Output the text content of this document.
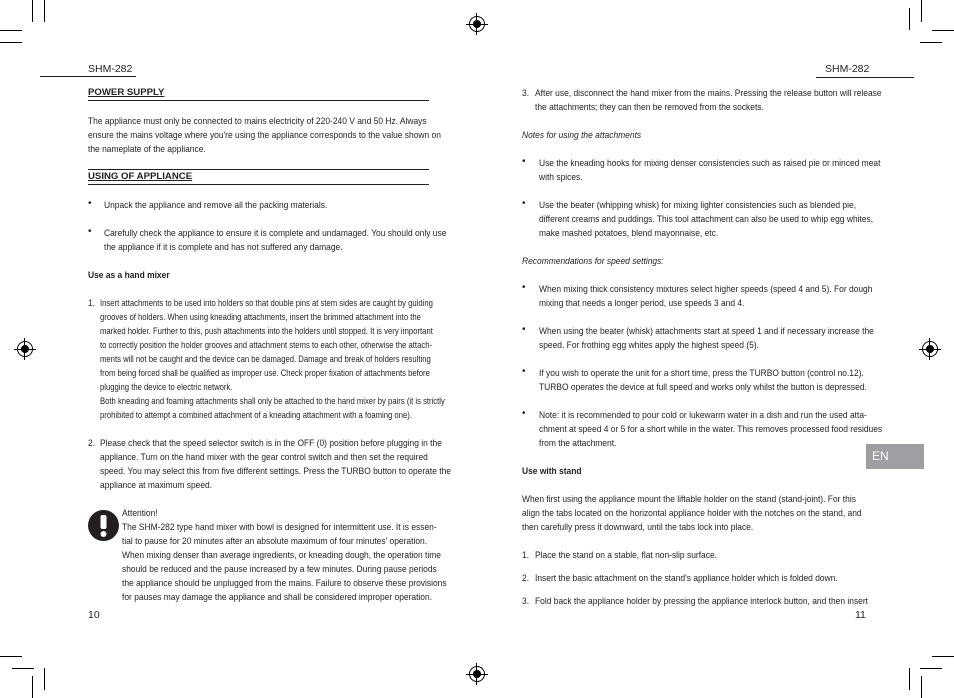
SHM-282	SHM-282
POWER SUPPLY
The appliance must only be connected to mains electricity of 220-240 V and 50 Hz. Always
ensure the mains voltage where you're using the appliance corresponds to the value shown on
the nameplate of the appliance.
USING OF APPLIANCE
• Unpack the appliance and remove all the packing materials.
• Carefully check the appliance to ensure it is complete and undamaged. You should only use
the appliance if it is complete and has not suffered any damage.
Use as a hand mixer
1. Insert attachments to be used into holders so that double pins at stem sides are caught by guiding
grooves of holders. When using kneading attachments, insert the brimmed attachment into the
marked holder. Further to this, push attachments into the holders until stopped. It is very important
to correctly position the holder grooves and attachment stems to each other, otherwise the attach-
ments will not be caught and the device can be damaged. Damage and break of holders resulting
from being forced shall be qualified as improper use. Check proper fixation of attachments before
plugging the device to electric network.
Both kneading and foaming attachments shall only be attached to the hand mixer by pairs (it is strictly
prohibited to attempt a combined attachment of a kneading attachment with a foaming one).
2. Please check that the speed selector switch is in the OFF (0) position before plugging in the
appliance. Turn on the hand mixer with the gear control switch and then set the required
speed. You may select this from five different settings. Press the TURBO button to operate the
appliance at maximum speed.
Attention!
The SHM-282 type hand mixer with bowl is designed for intermittent use. It is essen-
tial to pause for 20 minutes after an absolute maximum of four minutes' operation.
When mixing denser than average ingredients, or kneading dough, the operation time
should be reduced and the pause increased by a few minutes. During pause periods
the appliance should be unplugged from the mains. Failure to observe these provisions
for pauses may damage the appliance and shall be considered improper operation.
10
3. After use, disconnect the hand mixer from the mains. Pressing the release button will release
the attachments; they can then be removed from the sockets.
Notes for using the attachments
• Use the kneading hooks for mixing denser consistencies such as raised pie or minced meat
with spices.
• Use the beater (whipping whisk) for mixing lighter consistencies such as blended pie,
different creams and puddings. This tool attachment can also be used to whip egg whites,
make mashed potatoes, blend mayonnaise, etc.
Recommendations for speed settings:
• When mixing thick consistency mixtures select higher speeds (speed 4 and 5). For dough
mixing that needs a longer period, use speeds 3 and 4.
• When using the beater (whisk) attachments start at speed 1 and if necessary increase the
speed. For frothing egg whites apply the highest speed (5).
• If you wish to operate the unit for a short time, press the TURBO button (control no.12).
TURBO operates the device at full speed and works only whilst the button is depressed.
• Note: it is recommended to pour cold or lukewarm water in a dish and run the used atta-
chment at speed 4 or 5 for a short while in the water. This removes processed food residues
from the attachment.
Use with stand
When first using the appliance mount the liftable holder on the stand (stand-joint). For this
align the tabs located on the horizontal appliance holder with the notches on the stand, and
then carefully press it downward, until the tabs lock into place.
1. Place the stand on a stable, flat non-slip surface.
2. Insert the basic attachment on the stand's appliance holder which is folded down.
3. Fold back the appliance holder by pressing the appliance interlock button, and then insert
11
EN
